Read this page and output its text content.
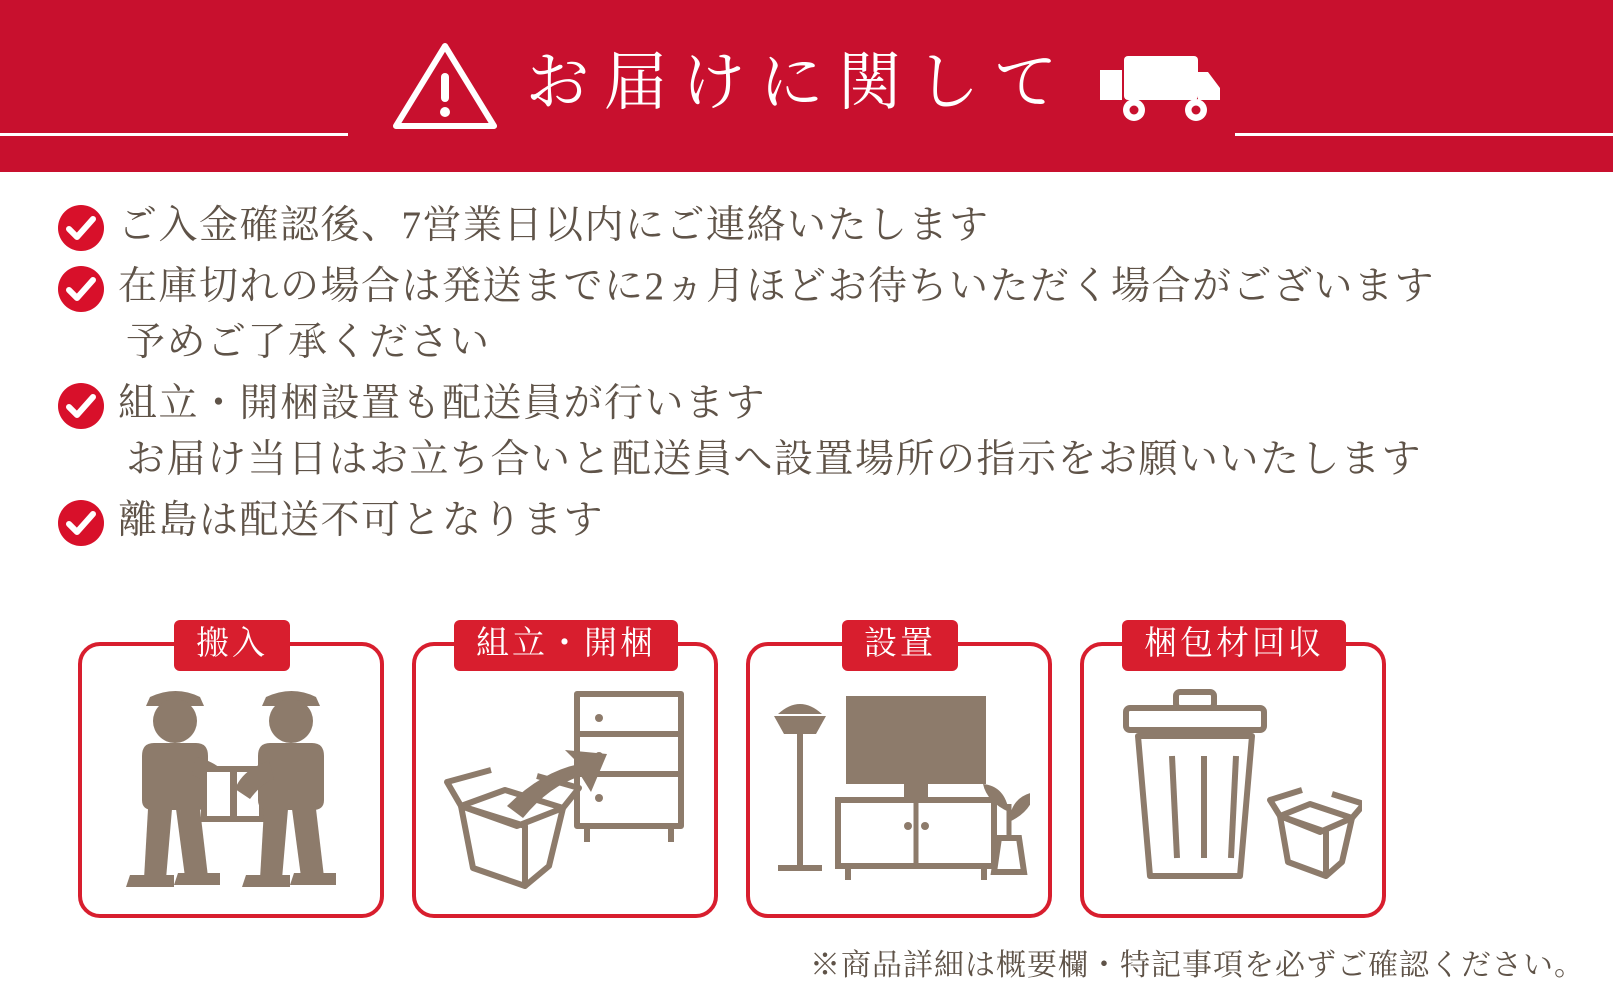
お届けに関して
ご入金確認後、7営業日以内にご連絡いたします
在庫切れの場合は発送までに2ヵ月ほどお待ちいただく場合がございます
予めご了承ください
組立・開梱設置も配送員が行います
お届け当日はお立ち合いと配送員へ設置場所の指示をお願いいたします
離島は配送不可となります
搬入	組立・開梱	設置	梱包材回収
※商品詳細は概要欄・特記事項を必ずご確認ください。
